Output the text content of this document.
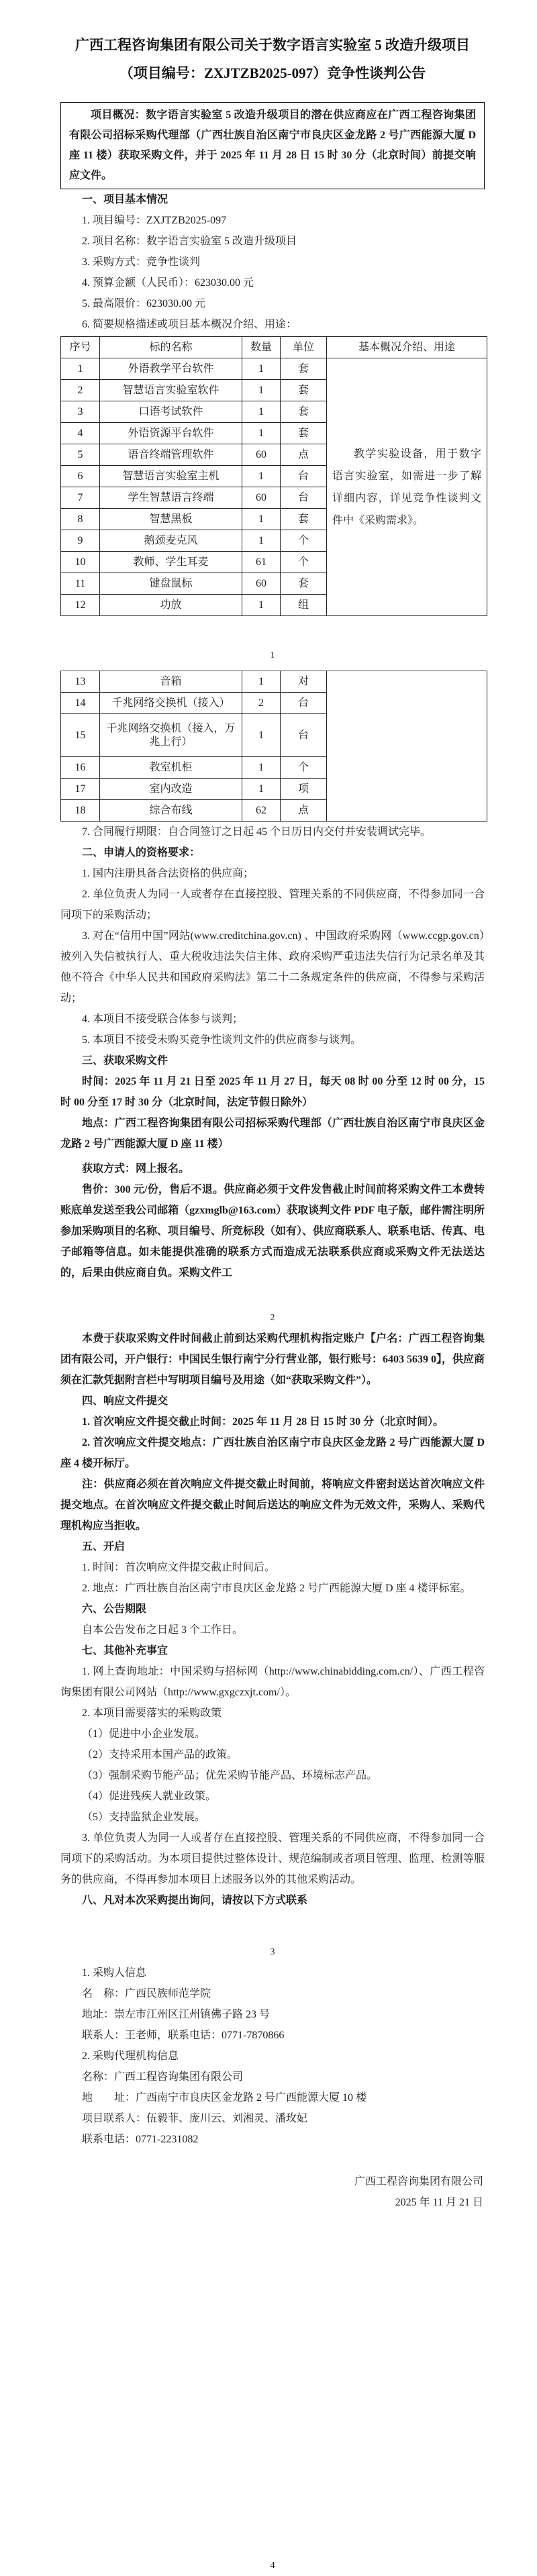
广西工程咨询集团有限公司关于数字语言实验室 5 改造升级项目
（项目编号：ZXJTZB2025-097）竞争性谈判公告

项目概况：数字语言实验室 5 改造升级项目的潜在供应商应在广西工程咨询集团有限公司招标采购代理部（广西壮族自治区南宁市良庆区金龙路 2 号广西能源大厦 D 座 11 楼）获取采购文件，并于 2025 年 11 月 28 日 15 时 30 分（北京时间）前提交响应文件。

一、项目基本情况

1. 项目编号：ZXJTZB2025-097

2. 项目名称：数字语言实验室 5 改造升级项目

3. 采购方式：竞争性谈判

4. 预算金额（人民币）：623030.00 元

5. 最高限价：623030.00 元

6. 简要规格描述或项目基本概况介绍、用途：

序号	标的名称	数量	单位	基本概况介绍、用途
1	外语教学平台软件	1	套	教学实验设备，用于数字语言实验室，如需进一步了解详细内容，详见竞争性谈判文件中《采购需求》。

2	智慧语言实验室软件	1	套	
3	口语考试软件	1	套	
4	外语资源平台软件	1	套	
5	语音终端管理软件	60	点	
6	智慧语言实验室主机	1	台	
7	学生智慧语言终端	60	台	
8	智慧黑板	1	套	
9	鹅颈麦克风	1	个	
10	教师、学生耳麦	61	个	
11	键盘鼠标	60	套	
12	功放	1	组	

1

13	音箱	1	对	
14	千兆网络交换机（接入）	2	台	
15	千兆网络交换机（接入，万兆上行）	1	台	
16	教室机柜	1	个	
17	室内改造	1	项	
18	综合布线	62	点	

7. 合同履行期限：自合同签订之日起 45 个日历日内交付并安装调试完毕。

二、申请人的资格要求：

1. 国内注册具备合法资格的供应商；

2. 单位负责人为同一人或者存在直接控股、管理关系的不同供应商，不得参加同一合同项下的采购活动；

3. 对在“信用中国”网站(www.creditchina.gov.cn) 、中国政府采购网（www.ccgp.gov.cn）被列入失信被执行人、重大税收违法失信主体、政府采购严重违法失信行为记录名单及其他不符合《中华人民共和国政府采购法》第二十二条规定条件的供应商，不得参与采购活动；

4. 本项目不接受联合体参与谈判；

5. 本项目不接受未购买竞争性谈判文件的供应商参与谈判。

三、获取采购文件

时间：2025 年 11 月 21 日至 2025 年 11 月 27 日，每天 08 时 00 分至 12 时 00 分，15 时 00 分至 17 时 30 分（北京时间，法定节假日除外）

地点：广西工程咨询集团有限公司招标采购代理部（广西壮族自治区南宁市良庆区金龙路 2 号广西能源大厦 D 座 11 楼）

获取方式：网上报名。

售价：300 元/份，售后不退。供应商必须于文件发售截止时间前将采购文件工本费转账底单发送至我公司邮箱（gzxmglb@163.com）获取谈判文件 PDF 电子版，邮件需注明所参加采购项目的名称、项目编号、所竞标段（如有）、供应商联系人、联系电话、传真、电子邮箱等信息。如未能提供准确的联系方式而造成无法联系供应商或采购文件无法送达的，后果由供应商自负。采购文件工

2

本费于获取采购文件时间截止前到达采购代理机构指定账户【户名：广西工程咨询集团有限公司，开户银行：中国民生银行南宁分行营业部，银行账号：6403 5639 0】，供应商须在汇款凭据附言栏中写明项目编号及用途（如“获取采购文件”）。

四、响应文件提交

1. 首次响应文件提交截止时间：2025 年 11 月 28 日 15 时 30 分（北京时间）。

2. 首次响应文件提交地点：广西壮族自治区南宁市良庆区金龙路 2 号广西能源大厦 D 座 4 楼开标厅。

注：供应商必须在首次响应文件提交截止时间前，将响应文件密封送达首次响应文件提交地点。在首次响应文件提交截止时间后送达的响应文件为无效文件，采购人、采购代理机构应当拒收。

五、开启

1. 时间：首次响应文件提交截止时间后。

2. 地点：广西壮族自治区南宁市良庆区金龙路 2 号广西能源大厦 D 座 4 楼评标室。

六、公告期限

自本公告发布之日起 3 个工作日。

七、其他补充事宜

1. 网上查询地址：中国采购与招标网（http://www.chinabidding.com.cn/）、广西工程咨询集团有限公司网站（http://www.gxgczxjt.com/）。

2. 本项目需要落实的采购政策

（1）促进中小企业发展。

（2）支持采用本国产品的政策。

（3）强制采购节能产品；优先采购节能产品、环境标志产品。

（4）促进残疾人就业政策。

（5）支持监狱企业发展。

3. 单位负责人为同一人或者存在直接控股、管理关系的不同供应商，不得参加同一合同项下的采购活动。为本项目提供过整体设计、规范编制或者项目管理、监理、检测等服务的供应商，不得再参加本项目上述服务以外的其他采购活动。

八、凡对本次采购提出询问，请按以下方式联系

3

1. 采购人信息

名　称：广西民族师范学院

地址：崇左市江州区江州镇佛子路 23 号

联系人：王老师，联系电话：0771-7870866

2. 采购代理机构信息

名称：广西工程咨询集团有限公司

地　　址：广西南宁市良庆区金龙路 2 号广西能源大厦 10 楼

项目联系人：伍毅菲、庞川云、刘湘灵、潘玫妃

联系电话：0771-2231082

广西工程咨询集团有限公司

2025 年 11 月 21 日

4
